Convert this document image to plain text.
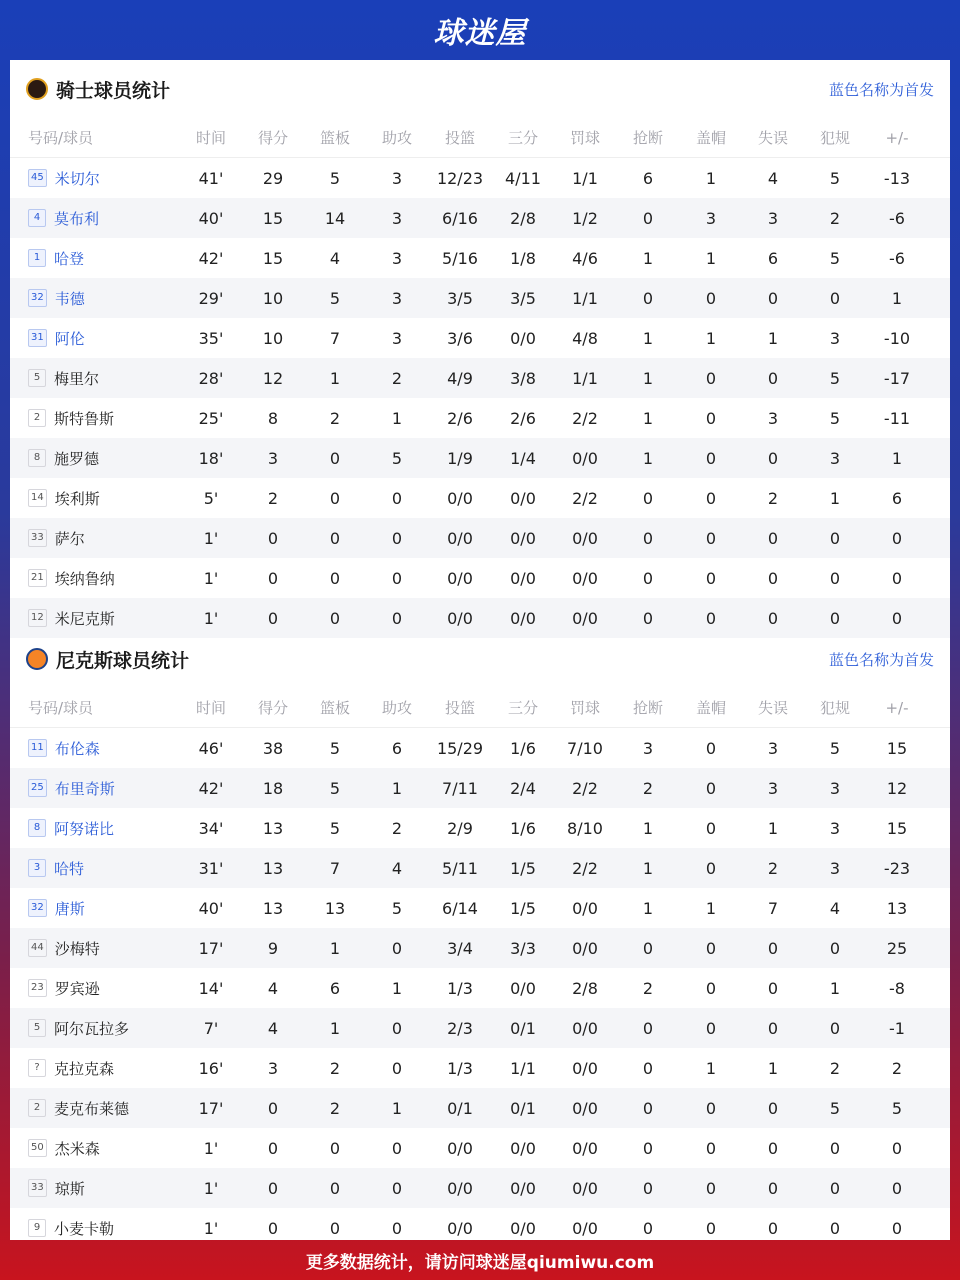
球迷屋
骑士球员统计	蓝色名称为首发
号码/球员	时间	得分	篮板	助攻	投篮	三分	罚球	抢断	盖帽	失误	犯规	+/-
45 米切尔	41'	29	5	3	12/23	4/11	1/1	6	1	4	5	-13
4 莫布利	40'	15	14	3	6/16	2/8	1/2	0	3	3	2	-6
1 哈登	42'	15	4	3	5/16	1/8	4/6	1	1	6	5	-6
32 韦德	29'	10	5	3	3/5	3/5	1/1	0	0	0	0	1
31 阿伦	35'	10	7	3	3/6	0/0	4/8	1	1	1	3	-10
5 梅里尔	28'	12	1	2	4/9	3/8	1/1	1	0	0	5	-17
2 斯特鲁斯	25'	8	2	1	2/6	2/6	2/2	1	0	3	5	-11
8 施罗德	18'	3	0	5	1/9	1/4	0/0	1	0	0	3	1
14 埃利斯	5'	2	0	0	0/0	0/0	2/2	0	0	2	1	6
33 萨尔	1'	0	0	0	0/0	0/0	0/0	0	0	0	0	0
21 埃纳鲁纳	1'	0	0	0	0/0	0/0	0/0	0	0	0	0	0
12 米尼克斯	1'	0	0	0	0/0	0/0	0/0	0	0	0	0	0
尼克斯球员统计	蓝色名称为首发
号码/球员	时间	得分	篮板	助攻	投篮	三分	罚球	抢断	盖帽	失误	犯规	+/-
11 布伦森	46'	38	5	6	15/29	1/6	7/10	3	0	3	5	15
25 布里奇斯	42'	18	5	1	7/11	2/4	2/2	2	0	3	3	12
8 阿努诺比	34'	13	5	2	2/9	1/6	8/10	1	0	1	3	15
3 哈特	31'	13	7	4	5/11	1/5	2/2	1	0	2	3	-23
32 唐斯	40'	13	13	5	6/14	1/5	0/0	1	1	7	4	13
44 沙梅特	17'	9	1	0	3/4	3/3	0/0	0	0	0	0	25
23 罗宾逊	14'	4	6	1	1/3	0/0	2/8	2	0	0	1	-8
5 阿尔瓦拉多	7'	4	1	0	2/3	0/1	0/0	0	0	0	0	-1
? 克拉克森	16'	3	2	0	1/3	1/1	0/0	0	1	1	2	2
2 麦克布莱德	17'	0	2	1	0/1	0/1	0/0	0	0	0	5	5
50 杰米森	1'	0	0	0	0/0	0/0	0/0	0	0	0	0	0
33 琼斯	1'	0	0	0	0/0	0/0	0/0	0	0	0	0	0
9 小麦卡勒	1'	0	0	0	0/0	0/0	0/0	0	0	0	0	0
更多数据统计，请访问球迷屋qiumiwu.com
